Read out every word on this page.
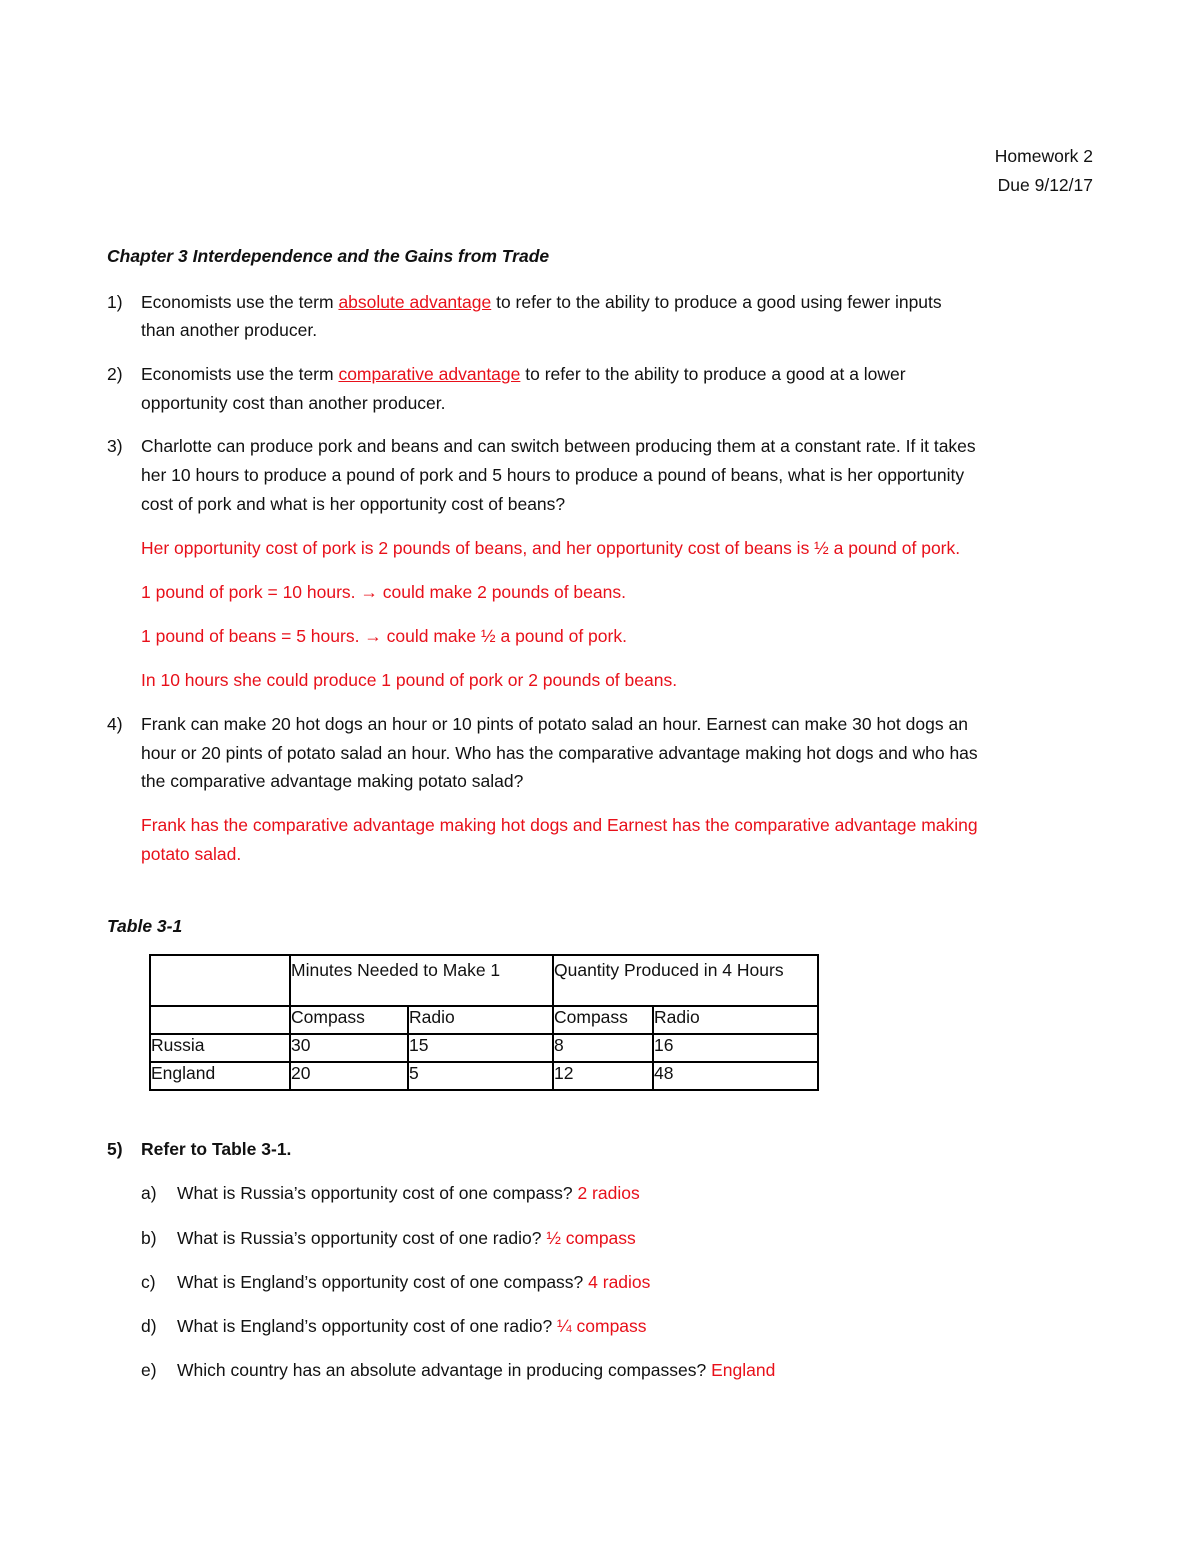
Homework 2
Due 9/12/17
Chapter 3 Interdependence and the Gains from Trade
1) Economists use the term absolute advantage to refer to the ability to produce a good using fewer inputs
than another producer.
2) Economists use the term comparative advantage to refer to the ability to produce a good at a lower
opportunity cost than another producer.
3) Charlotte can produce pork and beans and can switch between producing them at a constant rate. If it takes
her 10 hours to produce a pound of pork and 5 hours to produce a pound of beans, what is her opportunity
cost of pork and what is her opportunity cost of beans?
Her opportunity cost of pork is 2 pounds of beans, and her opportunity cost of beans is ½ a pound of pork.
1 pound of pork = 10 hours. → could make 2 pounds of beans.
1 pound of beans = 5 hours. → could make ½ a pound of pork.
In 10 hours she could produce 1 pound of pork or 2 pounds of beans.
4) Frank can make 20 hot dogs an hour or 10 pints of potato salad an hour. Earnest can make 30 hot dogs an
hour or 20 pints of potato salad an hour. Who has the comparative advantage making hot dogs and who has
the comparative advantage making potato salad?
Frank has the comparative advantage making hot dogs and Earnest has the comparative advantage making
potato salad.
Table 3-1
	Minutes Needed to Make 1		Quantity Produced in 4 Hours	
	Compass	Radio	Compass	Radio
Russia	30	15	8	16
England	20	5	12	48
5) Refer to Table 3-1.
a) What is Russia’s opportunity cost of one compass? 2 radios
b) What is Russia’s opportunity cost of one radio? ½ compass
c) What is England’s opportunity cost of one compass? 4 radios
d) What is England’s opportunity cost of one radio? ¼ compass
e) Which country has an absolute advantage in producing compasses? England
